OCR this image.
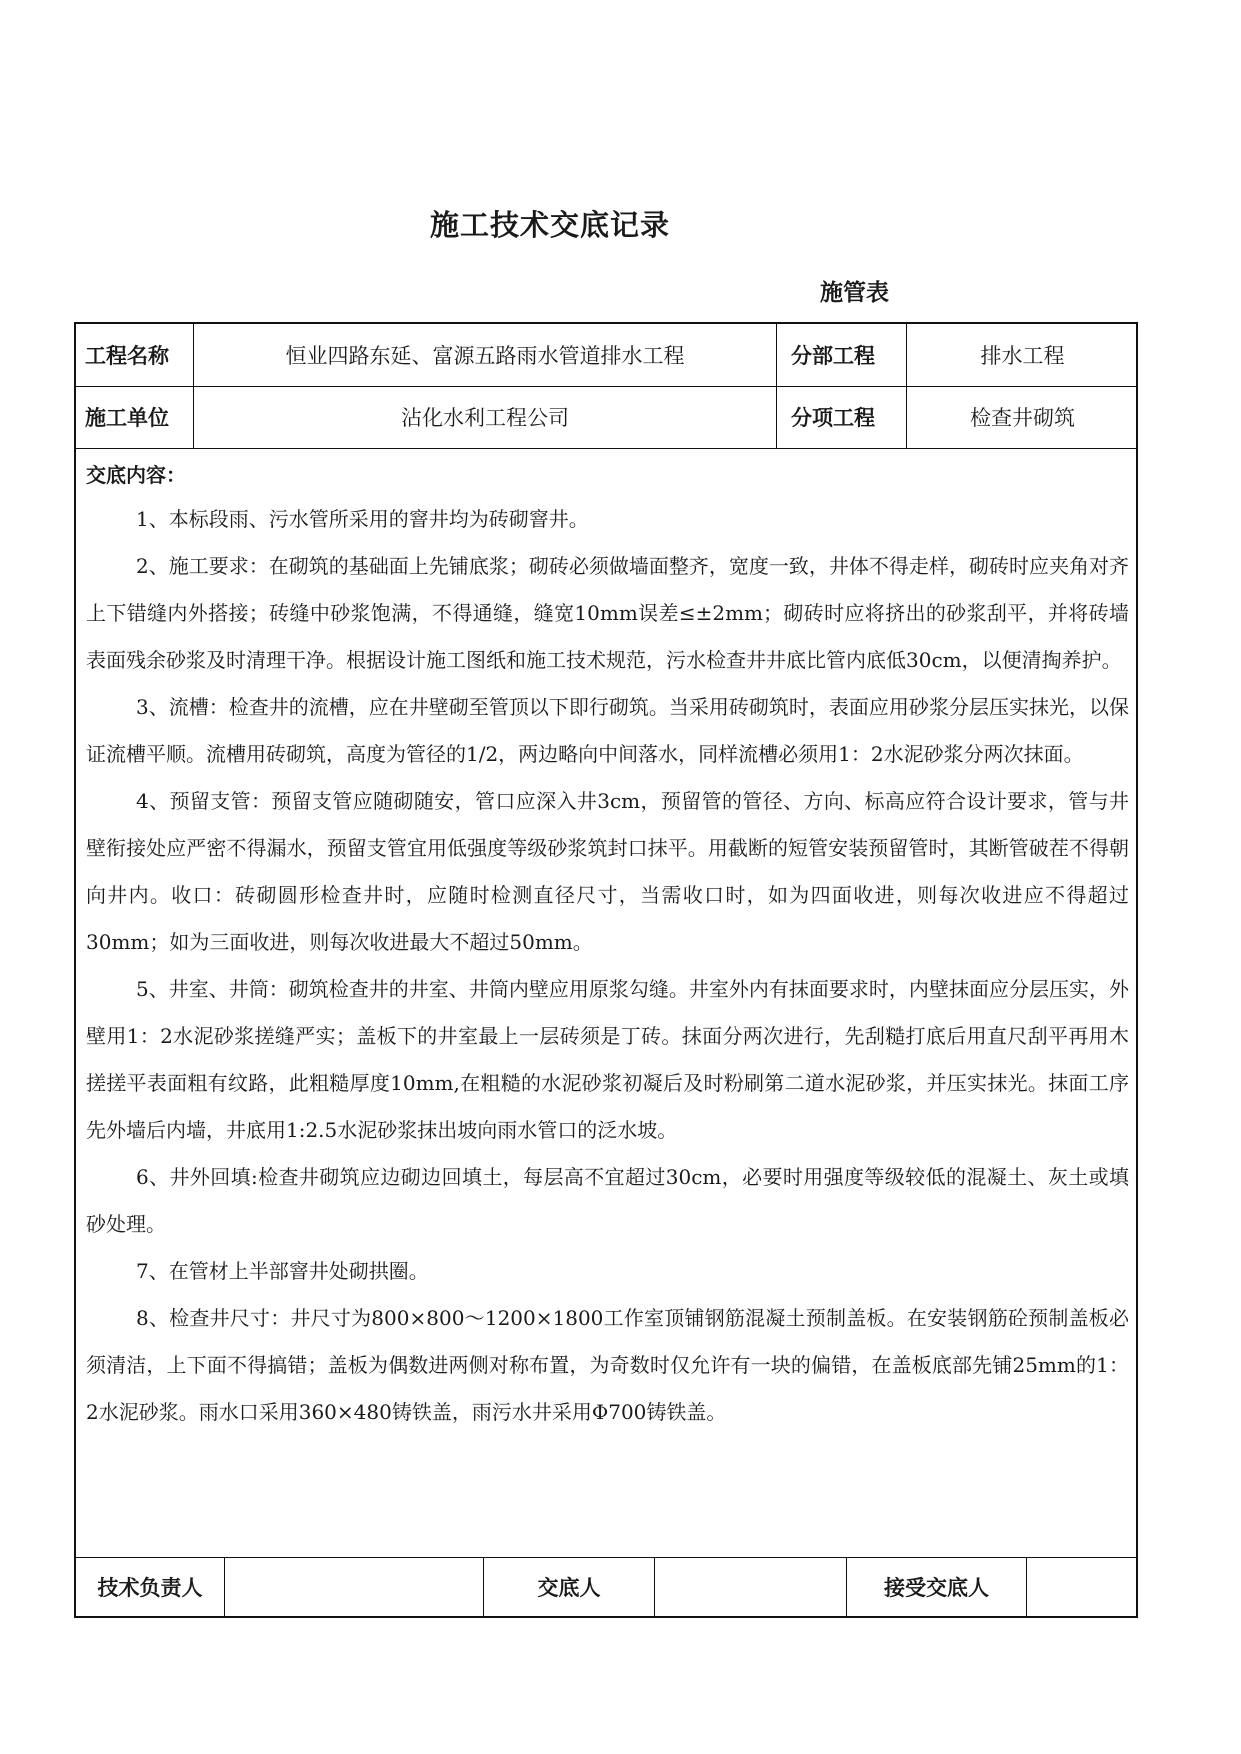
施工技术交底记录
施管表
工程名称	恒业四路东延、富源五路雨水管道排水工程	分部工程	排水工程
施工单位	沾化水利工程公司	分项工程	检查井砌筑
交底内容：

1、本标段雨、污水管所采用的窨井均为砖砌窨井。

2、施工要求：在砌筑的基础面上先铺底浆；砌砖必须做墙面整齐，宽度一致，井体不得走样，砌砖时应夹角对齐上下错缝内外搭接；砖缝中砂浆饱满，不得通缝，缝宽10mm误差≤±2mm；砌砖时应将挤出的砂浆刮平，并将砖墙表面残余砂浆及时清理干净。根据设计施工图纸和施工技术规范，污水检查井井底比管内底低30cm，以便清掏养护。

3、流槽：检查井的流槽，应在井壁砌至管顶以下即行砌筑。当采用砖砌筑时，表面应用砂浆分层压实抹光，以保证流槽平顺。流槽用砖砌筑，高度为管径的1/2，两边略向中间落水，同样流槽必须用1：2水泥砂浆分两次抹面。

4、预留支管：预留支管应随砌随安，管口应深入井3cm，预留管的管径、方向、标高应符合设计要求，管与井壁衔接处应严密不得漏水，预留支管宜用低强度等级砂浆筑封口抹平。用截断的短管安装预留管时，其断管破茬不得朝向井内。收口：砖砌圆形检查井时，应随时检测直径尺寸，当需收口时，如为四面收进，则每次收进应不得超过30mm；如为三面收进，则每次收进最大不超过50mm。

5、井室、井筒：砌筑检查井的井室、井筒内壁应用原浆勾缝。井室外内有抹面要求时，内壁抹面应分层压实，外壁用1：2水泥砂浆搓缝严实；盖板下的井室最上一层砖须是丁砖。抹面分两次进行，先刮糙打底后用直尺刮平再用木搓搓平表面粗有纹路，此粗糙厚度10mm,在粗糙的水泥砂浆初凝后及时粉刷第二道水泥砂浆，并压实抹光。抹面工序先外墙后内墙，井底用1:2.5水泥砂浆抹出坡向雨水管口的泛水坡。

6、井外回填:检查井砌筑应边砌边回填土，每层高不宜超过30cm，必要时用强度等级较低的混凝土、灰土或填砂处理。

7、在管材上半部窨井处砌拱圈。

8、检查井尺寸：井尺寸为800×800～1200×1800工作室顶铺钢筋混凝土预制盖板。在安装钢筋砼预制盖板必须清洁，上下面不得搞错；盖板为偶数进两侧对称布置，为奇数时仅允许有一块的偏错，在盖板底部先铺25mm的1：2水泥砂浆。雨水口采用360×480铸铁盖，雨污水井采用Φ700铸铁盖。

技术负责人	交底人	接受交底人
